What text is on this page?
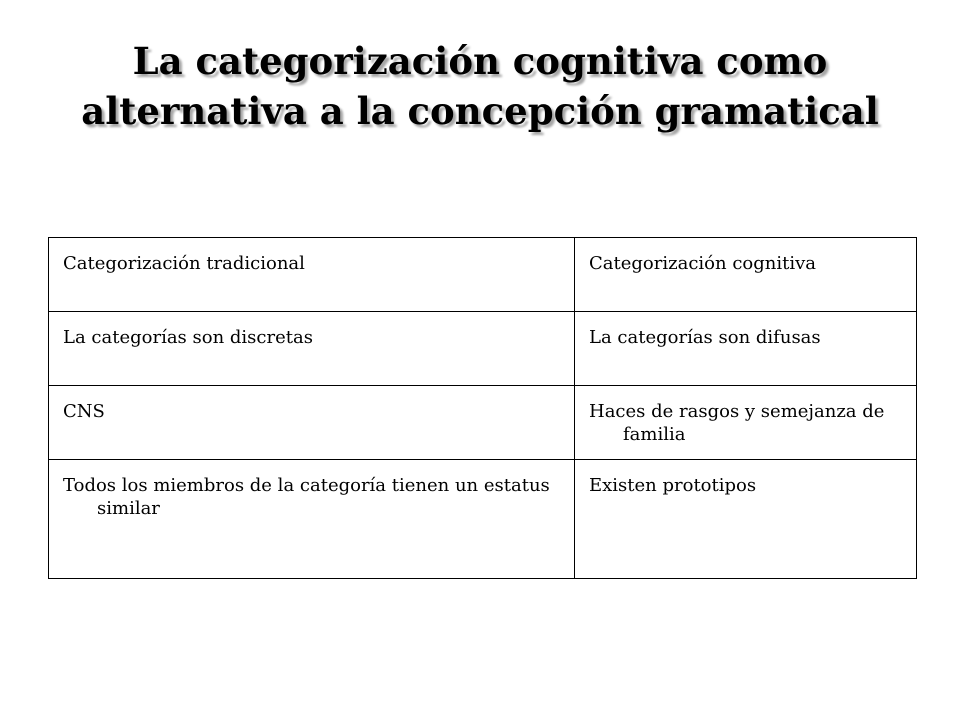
La categorización cognitiva como
alternativa a la concepción gramatical
Categorización tradicional	Categorización cognitiva

La categorías son discretas	La categorías son difusas

CNS	Haces de rasgos y semejanza de familia

Todos los miembros de la categoría tienen un estatus similar	Existen prototipos
